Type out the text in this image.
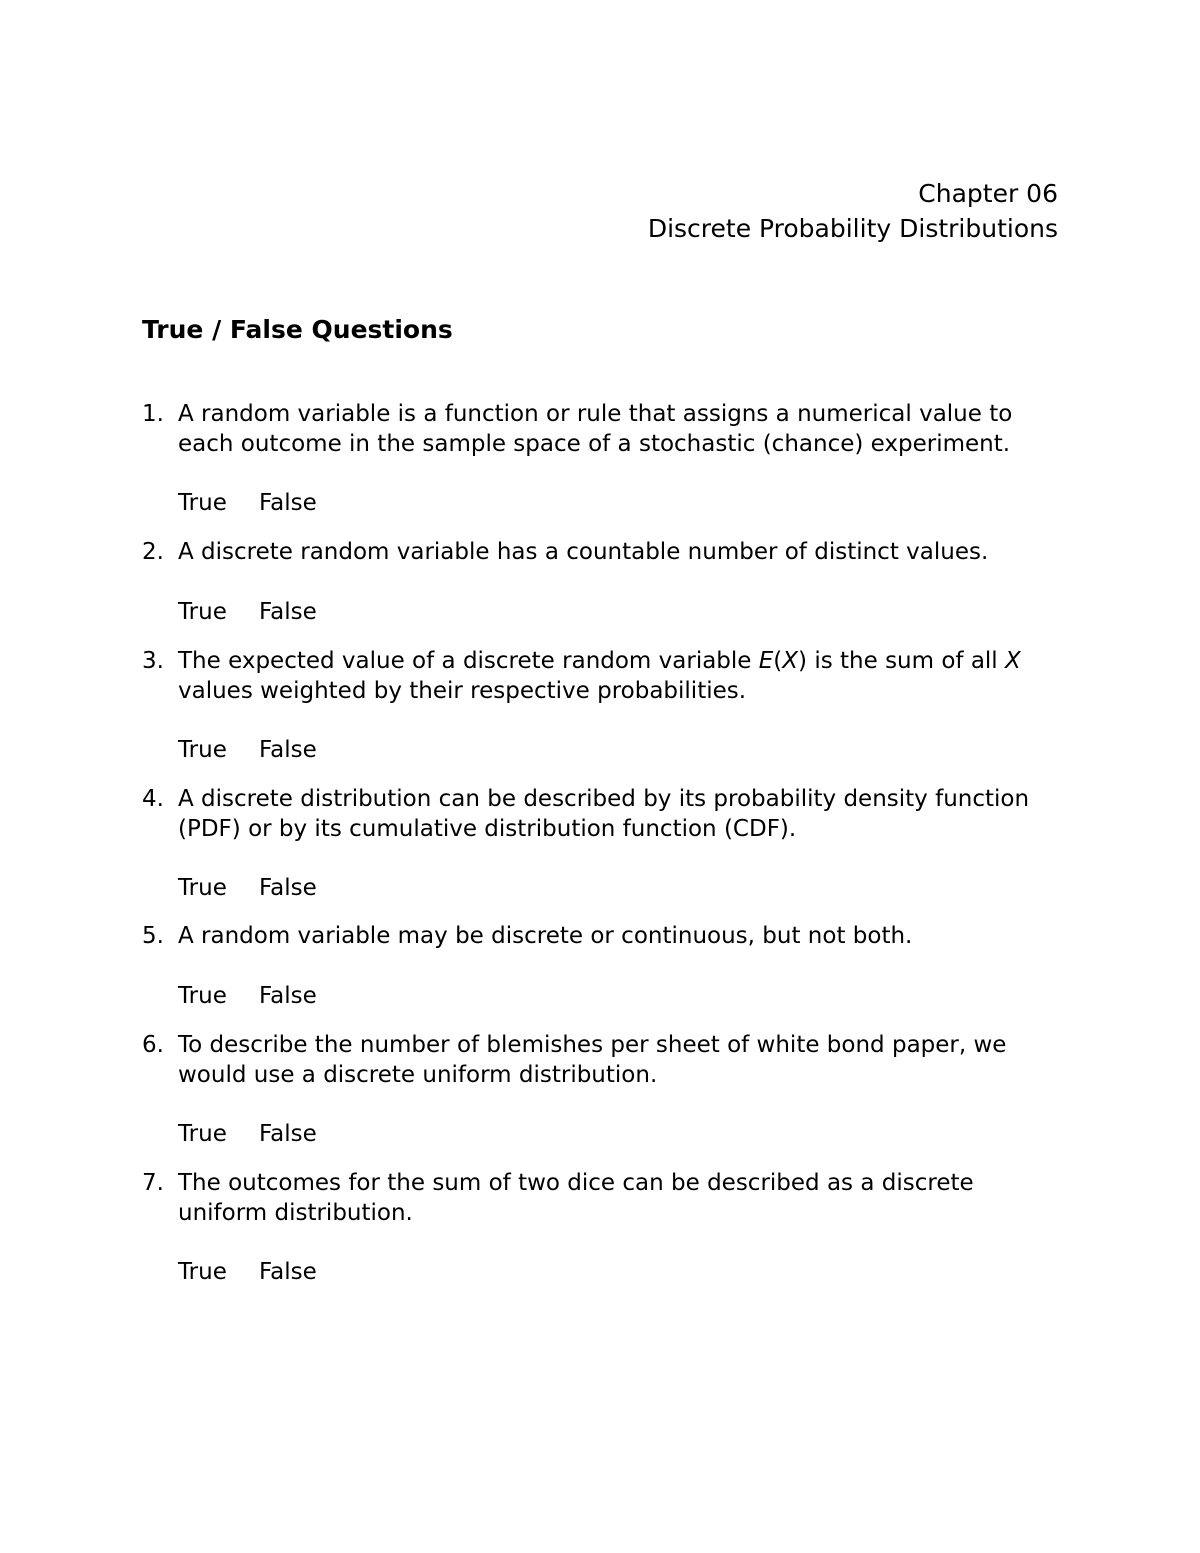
Chapter 06
Discrete Probability Distributions
True / False Questions
1. A random variable is a function or rule that assigns a numerical value to
each outcome in the sample space of a stochastic (chance) experiment.
True False
2. A discrete random variable has a countable number of distinct values.
True False
3. The expected value of a discrete random variable E(X) is the sum of all X
values weighted by their respective probabilities.
True False
4. A discrete distribution can be described by its probability density function
(PDF) or by its cumulative distribution function (CDF).
True False
5. A random variable may be discrete or continuous, but not both.
True False
6. To describe the number of blemishes per sheet of white bond paper, we
would use a discrete uniform distribution.
True False
7. The outcomes for the sum of two dice can be described as a discrete
uniform distribution.
True False
